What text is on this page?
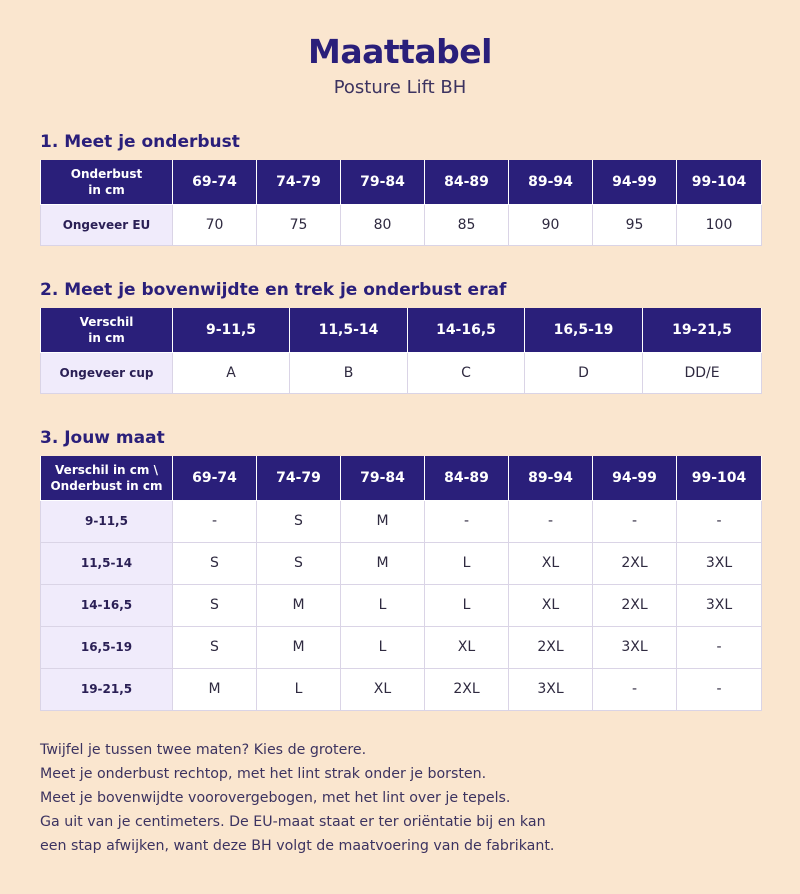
Maattabel
Posture Lift BH
1. Meet je onderbust
Onderbust
in cm	69-74	74-79	79-84	84-89	89-94	94-99	99-104
Ongeveer EU	70	75	80	85	90	95	100
2. Meet je bovenwijdte en trek je onderbust eraf
Verschil
in cm	9-11,5	11,5-14	14-16,5	16,5-19	19-21,5
Ongeveer cup	A	B	C	D	DD/E
3. Jouw maat
Verschil in cm \
Onderbust in cm	69-74	74-79	79-84	84-89	89-94	94-99	99-104
9-11,5	-	S	M	-	-	-	-
11,5-14	S	S	M	L	XL	2XL	3XL
14-16,5	S	M	L	L	XL	2XL	3XL
16,5-19	S	M	L	XL	2XL	3XL	-
19-21,5	M	L	XL	2XL	3XL	-	-

Twijfel je tussen twee maten? Kies de grotere.

Meet je onderbust rechtop, met het lint strak onder je borsten.

Meet je bovenwijdte voorovergebogen, met het lint over je tepels.

Ga uit van je centimeters. De EU-maat staat er ter oriëntatie bij en kan

een stap afwijken, want deze BH volgt de maatvoering van de fabrikant.
